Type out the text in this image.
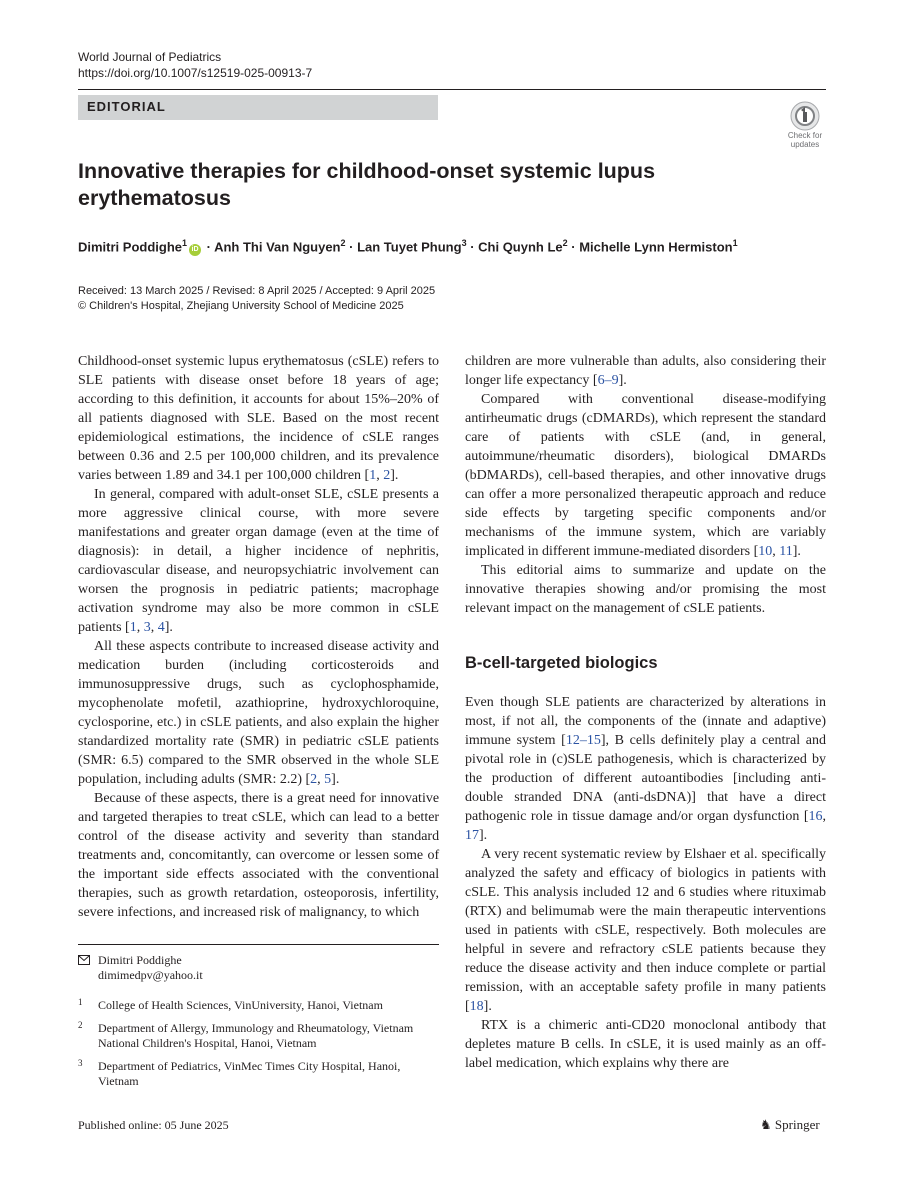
World Journal of Pediatrics
https://doi.org/10.1007/s12519-025-00913-7
EDITORIAL
Check for
updates
Innovative therapies for childhood-onset systemic lupus erythematosus
Dimitri Poddighe$^1$iD · Anh Thi Van Nguyen$^2$ · Lan Tuyet Phung$^3$ · Chi Quynh $Le^2$ · Michelle Lynn Hermiston$^1$
Received: 13 March 2025 / Revised: 8 April 2025 / Accepted: 9 April 2025
© Children's Hospital, Zhejiang University School of Medicine 2025

Childhood-onset systemic lupus erythematosus (cSLE) refers to SLE patients with disease onset before 18 years of age; according to this definition, it accounts for about 15%–20% of all patients diagnosed with SLE. Based on the most recent epidemiological estimations, the incidence of cSLE ranges between 0.36 and 2.5 per 100,000 children, and its prevalence varies between 1.89 and 34.1 per 100,000 children [1, 2].

In general, compared with adult-onset SLE, cSLE presents a more aggressive clinical course, with more severe manifestations and greater organ damage (even at the time of diagnosis): in detail, a higher incidence of nephritis, cardiovascular disease, and neuropsychiatric involvement can worsen the prognosis in pediatric patients; macrophage activation syndrome may also be more common in cSLE patients [1, 3, 4].

All these aspects contribute to increased disease activity and medication burden (including corticosteroids and immunosuppressive drugs, such as cyclophosphamide, mycophenolate mofetil, azathioprine, hydroxychloroquine, cyclosporine, etc.) in cSLE patients, and also explain the higher standardized mortality rate (SMR) in pediatric cSLE patients (SMR: 6.5) compared to the SMR observed in the whole SLE population, including adults (SMR: 2.2) [2, 5].

Because of these aspects, there is a great need for innovative and targeted therapies to treat cSLE, which can lead to a better control of the disease activity and severity than standard treatments and, concomitantly, can overcome or lessen some of the important side effects associated with the conventional therapies, such as growth retardation, osteoporosis, infertility, severe infections, and increased risk of malignancy, to which

children are more vulnerable than adults, also considering their longer life expectancy [6–9].

Compared with conventional disease-modifying antirheumatic drugs (cDMARDs), which represent the standard care of patients with cSLE (and, in general, autoimmune/rheumatic disorders), biological DMARDs (bDMARDs), cell-based therapies, and other innovative drugs can offer a more personalized therapeutic approach and reduce side effects by targeting specific components and/or mechanisms of the immune system, which are variably implicated in different immune-mediated disorders [10, 11].

This editorial aims to summarize and update on the innovative therapies showing and/or promising the most relevant impact on the management of cSLE patients.

B-cell-targeted biologics

Even though SLE patients are characterized by alterations in most, if not all, the components of the (innate and adaptive) immune system [12–15], B cells definitely play a central and pivotal role in (c)SLE pathogenesis, which is characterized by the production of different autoantibodies [including anti-double stranded DNA (anti-dsDNA)] that have a direct pathogenic role in tissue damage and/or organ dysfunction [16, 17].

A very recent systematic review by Elshaer et al. specifically analyzed the safety and efficacy of biologics in patients with cSLE. This analysis included 12 and 6 studies where rituximab (RTX) and belimumab were the main therapeutic interventions used in patients with cSLE, respectively. Both molecules are helpful in severe and refractory cSLE patients because they reduce the disease activity and then induce complete or partial remission, with an acceptable safety profile in many patients [18].

RTX is a chimeric anti-CD20 monoclonal antibody that depletes mature B cells. In cSLE, it is used mainly as an off-label medication, which explains why there are

Dimitri Poddighe
dimimedpv@yahoo.it
1 College of Health Sciences, VinUniversity, Hanoi, Vietnam
2 Department of Allergy, Immunology and Rheumatology, Vietnam National Children's Hospital, Hanoi, Vietnam
3 Department of Pediatrics, VinMec Times City Hospital, Hanoi, Vietnam
Published online: 05 June 2025	♞ Springer
